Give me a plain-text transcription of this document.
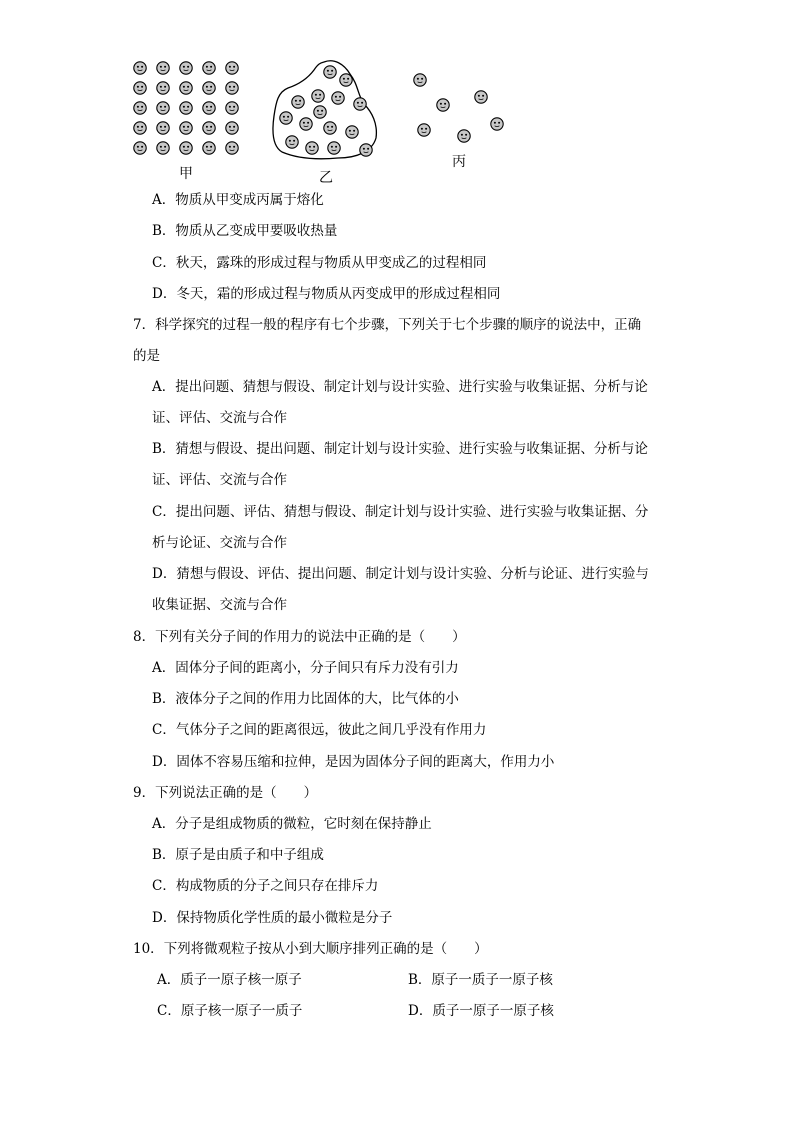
甲	乙
丙
A．物质从甲变成丙属于熔化
B．物质从乙变成甲要吸收热量
C．秋天，露珠的形成过程与物质从甲变成乙的过程相同
D．冬天，霜的形成过程与物质从丙变成甲的形成过程相同
7．科学探究的过程一般的程序有七个步骤，下列关于七个步骤的顺序的说法中，正确
的是
A．提出问题、猜想与假设、制定计划与设计实验、进行实验与收集证据、分析与论
证、评估、交流与合作
B．猜想与假设、提出问题、制定计划与设计实验、进行实验与收集证据、分析与论
证、评估、交流与合作
C．提出问题、评估、猜想与假设、制定计划与设计实验、进行实验与收集证据、分
析与论证、交流与合作
D．猜想与假设、评估、提出问题、制定计划与设计实验、分析与论证、进行实验与
收集证据、交流与合作
8．下列有关分子间的作用力的说法中正确的是（　　）
A．固体分子间的距离小，分子间只有斥力没有引力
B．液体分子之间的作用力比固体的大，比气体的小
C．气体分子之间的距离很远，彼此之间几乎没有作用力
D．固体不容易压缩和拉伸，是因为固体分子间的距离大，作用力小
9．下列说法正确的是（　　）
A．分子是组成物质的微粒，它时刻在保持静止
B．原子是由质子和中子组成
C．构成物质的分子之间只存在排斥力
D．保持物质化学性质的最小微粒是分子
10．下列将微观粒子按从小到大顺序排列正确的是（　　）
A．质子一原子核一原子	B．原子一质子一原子核
C．原子核一原子一质子	D．质子一原子一原子核
